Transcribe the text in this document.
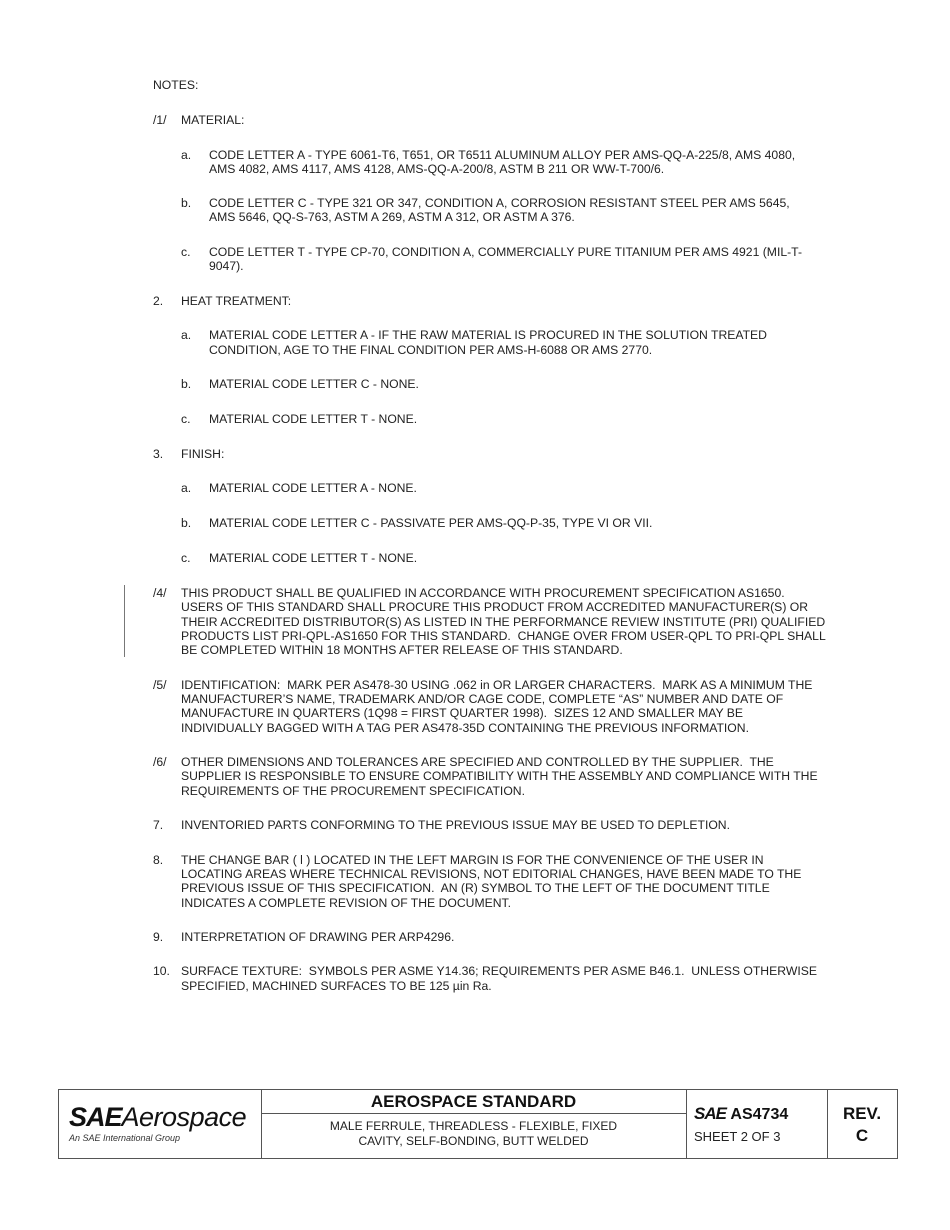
NOTES:
/1/ MATERIAL:
a. CODE LETTER A - TYPE 6061-T6, T651, OR T6511 ALUMINUM ALLOY PER AMS-QQ-A-225/8, AMS 4080,
AMS 4082, AMS 4117, AMS 4128, AMS-QQ-A-200/8, ASTM B 211 OR WW-T-700/6.
b. CODE LETTER C - TYPE 321 OR 347, CONDITION A, CORROSION RESISTANT STEEL PER AMS 5645,
AMS 5646, QQ-S-763, ASTM A 269, ASTM A 312, OR ASTM A 376.
c. CODE LETTER T - TYPE CP-70, CONDITION A, COMMERCIALLY PURE TITANIUM PER AMS 4921 (MIL-T-
9047).
2. HEAT TREATMENT:
a. MATERIAL CODE LETTER A - IF THE RAW MATERIAL IS PROCURED IN THE SOLUTION TREATED
CONDITION, AGE TO THE FINAL CONDITION PER AMS-H-6088 OR AMS 2770.
b. MATERIAL CODE LETTER C - NONE.
c. MATERIAL CODE LETTER T - NONE.
3. FINISH:
a. MATERIAL CODE LETTER A - NONE.
b. MATERIAL CODE LETTER C - PASSIVATE PER AMS-QQ-P-35, TYPE VI OR VII.
c. MATERIAL CODE LETTER T - NONE.
/4/ THIS PRODUCT SHALL BE QUALIFIED IN ACCORDANCE WITH PROCUREMENT SPECIFICATION AS1650.
USERS OF THIS STANDARD SHALL PROCURE THIS PRODUCT FROM ACCREDITED MANUFACTURER(S) OR
THEIR ACCREDITED DISTRIBUTOR(S) AS LISTED IN THE PERFORMANCE REVIEW INSTITUTE (PRI) QUALIFIED
PRODUCTS LIST PRI-QPL-AS1650 FOR THIS STANDARD.  CHANGE OVER FROM USER-QPL TO PRI-QPL SHALL
BE COMPLETED WITHIN 18 MONTHS AFTER RELEASE OF THIS STANDARD.
/5/ IDENTIFICATION:  MARK PER AS478-30 USING .062 in OR LARGER CHARACTERS.  MARK AS A MINIMUM THE
MANUFACTURER’S NAME, TRADEMARK AND/OR CAGE CODE, COMPLETE “AS” NUMBER AND DATE OF
MANUFACTURE IN QUARTERS (1Q98 = FIRST QUARTER 1998).  SIZES 12 AND SMALLER MAY BE
INDIVIDUALLY BAGGED WITH A TAG PER AS478-35D CONTAINING THE PREVIOUS INFORMATION.
/6/ OTHER DIMENSIONS AND TOLERANCES ARE SPECIFIED AND CONTROLLED BY THE SUPPLIER.  THE
SUPPLIER IS RESPONSIBLE TO ENSURE COMPATIBILITY WITH THE ASSEMBLY AND COMPLIANCE WITH THE
REQUIREMENTS OF THE PROCUREMENT SPECIFICATION.
7. INVENTORIED PARTS CONFORMING TO THE PREVIOUS ISSUE MAY BE USED TO DEPLETION.
8. THE CHANGE BAR ( l ) LOCATED IN THE LEFT MARGIN IS FOR THE CONVENIENCE OF THE USER IN
LOCATING AREAS WHERE TECHNICAL REVISIONS, NOT EDITORIAL CHANGES, HAVE BEEN MADE TO THE
PREVIOUS ISSUE OF THIS SPECIFICATION.  AN (R) SYMBOL TO THE LEFT OF THE DOCUMENT TITLE
INDICATES A COMPLETE REVISION OF THE DOCUMENT.
9. INTERPRETATION OF DRAWING PER ARP4296.
10. SURFACE TEXTURE:  SYMBOLS PER ASME Y14.36; REQUIREMENTS PER ASME B46.1.  UNLESS OTHERWISE
SPECIFIED, MACHINED SURFACES TO BE 125 µin Ra.
SAEAerospace
An SAE International Group
AEROSPACE STANDARD
MALE FERRULE, THREADLESS - FLEXIBLE, FIXED
CAVITY, SELF-BONDING, BUTT WELDED
SAE AS4734
SHEET 2 OF 3
REV.
C
